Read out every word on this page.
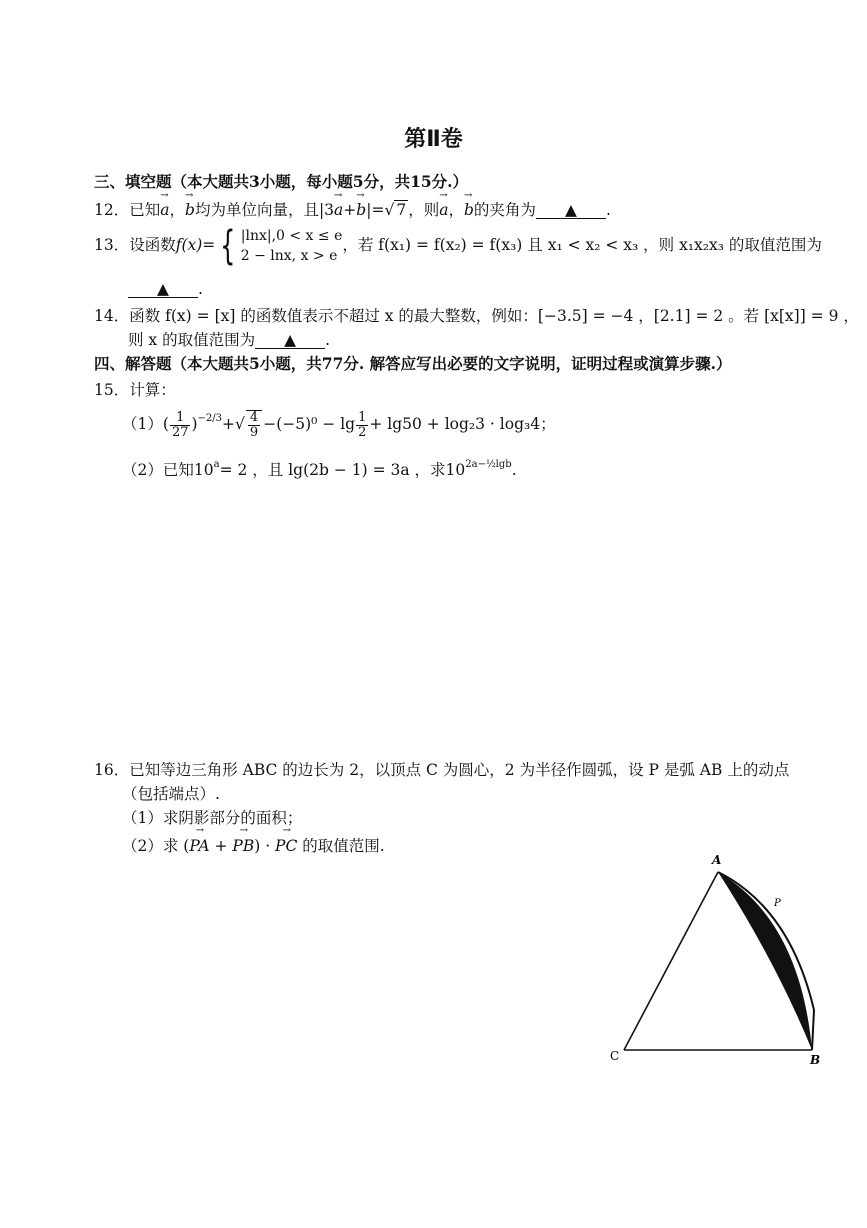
第Ⅱ卷
三、填空题（本大题共3小题，每小题5分，共15分.）
12．已知→ a，→ b均为单位向量，且|3→ a+→ b|=√ 7 ，则→ a，→ b的夹角为 ▲ .
13．设函数f(x)= { |lnx|,0 < x ≤ e
2 − lnx, x > e
，若 f(x₁) = f(x₂) = f(x₃) 且 x₁ < x₂ < x₃ ，则 x₁x₂x₃ 的取值范围为
▲ .
14．函数 f(x) = [x] 的函数值表示不超过 x 的最大整数，例如：[−3.5] = −4 ，[2.1] = 2 。若 [x[x]] = 9 ，
则 x 的取值范围为 ▲ .
四、解答题（本大题共5小题，共77分. 解答应写出必要的文字说明，证明过程或演算步骤.）
15．计算：
$(1)( \frac{1}{27} )^{-2/3}+√ \frac{4}{9} -(-5)^0 - \lg \frac{1}{2} + \lg 50 + \log_23 \cdot \log_34$；
（2）已知$10^a= 2$ ，且 lg(2b − 1) = 3a ，求$10^{2a-\frac{1}{2}lgb}$.
16．已知等边三角形 ABC 的边长为 2，以顶点 C 为圆心，2 为半径作圆弧，设 P 是弧 AB 上的动点
（包括端点）.
（1）求阴影部分的面积；
（2）求 (→ PA + → PB) · → PC 的取值范围.
A
B
C
P
